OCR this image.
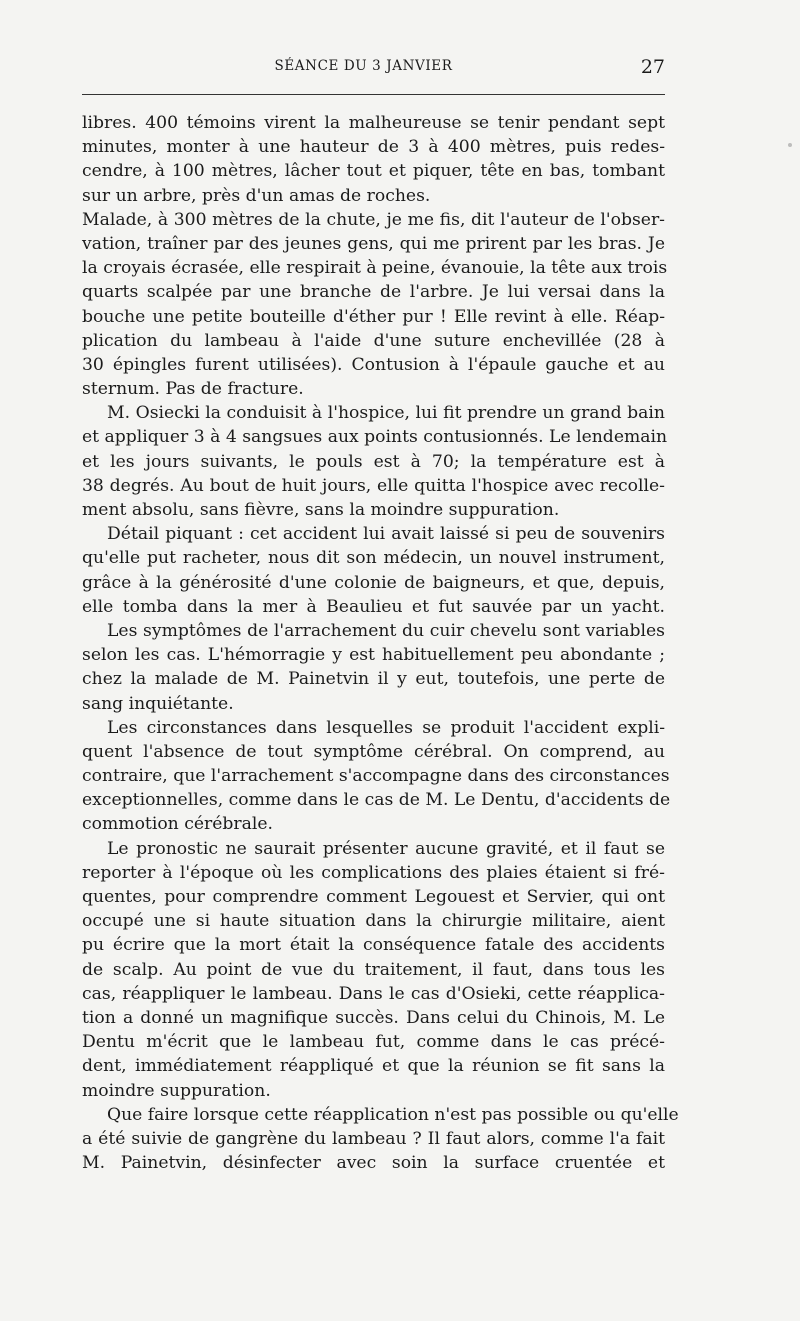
SÉANCE DU 3 JANVIER	27
libres. 400 témoins virent la malheureuse se tenir pendant sept
minutes, monter à une hauteur de 3 à 400 mètres, puis redes-
cendre, à 100 mètres, lâcher tout et piquer, tête en bas, tombant
sur un arbre, près d'un amas de roches.
Malade, à 300 mètres de la chute, je me fis, dit l'auteur de l'obser-
vation, traîner par des jeunes gens, qui me prirent par les bras. Je
la croyais écrasée, elle respirait à peine, évanouie, la tête aux trois
quarts scalpée par une branche de l'arbre. Je lui versai dans la
bouche une petite bouteille d'éther pur ! Elle revint à elle. Réap-
plication du lambeau à l'aide d'une suture enchevillée (28 à
30 épingles furent utilisées). Contusion à l'épaule gauche et au
sternum. Pas de fracture.
M. Osiecki la conduisit à l'hospice, lui fit prendre un grand bain
et appliquer 3 à 4 sangsues aux points contusionnés. Le lendemain
et les jours suivants, le pouls est à 70; la température est à
38 degrés. Au bout de huit jours, elle quitta l'hospice avec recolle-
ment absolu, sans fièvre, sans la moindre suppuration.
Détail piquant : cet accident lui avait laissé si peu de souvenirs
qu'elle put racheter, nous dit son médecin, un nouvel instrument,
grâce à la générosité d'une colonie de baigneurs, et que, depuis,
elle tomba dans la mer à Beaulieu et fut sauvée par un yacht.
Les symptômes de l'arrachement du cuir chevelu sont variables
selon les cas. L'hémorragie y est habituellement peu abondante ;
chez la malade de M. Painetvin il y eut, toutefois, une perte de
sang inquiétante.
Les circonstances dans lesquelles se produit l'accident expli-
quent l'absence de tout symptôme cérébral. On comprend, au
contraire, que l'arrachement s'accompagne dans des circonstances
exceptionnelles, comme dans le cas de M. Le Dentu, d'accidents de
commotion cérébrale.
Le pronostic ne saurait présenter aucune gravité, et il faut se
reporter à l'époque où les complications des plaies étaient si fré-
quentes, pour comprendre comment Legouest et Servier, qui ont
occupé une si haute situation dans la chirurgie militaire, aient
pu écrire que la mort était la conséquence fatale des accidents
de scalp. Au point de vue du traitement, il faut, dans tous les
cas, réappliquer le lambeau. Dans le cas d'Osieki, cette réapplica-
tion a donné un magnifique succès. Dans celui du Chinois, M. Le
Dentu m'écrit que le lambeau fut, comme dans le cas précé-
dent, immédiatement réappliqué et que la réunion se fit sans la
moindre suppuration.
Que faire lorsque cette réapplication n'est pas possible ou qu'elle
a été suivie de gangrène du lambeau ? Il faut alors, comme l'a fait
M. Painetvin, désinfecter avec soin la surface cruentée et
